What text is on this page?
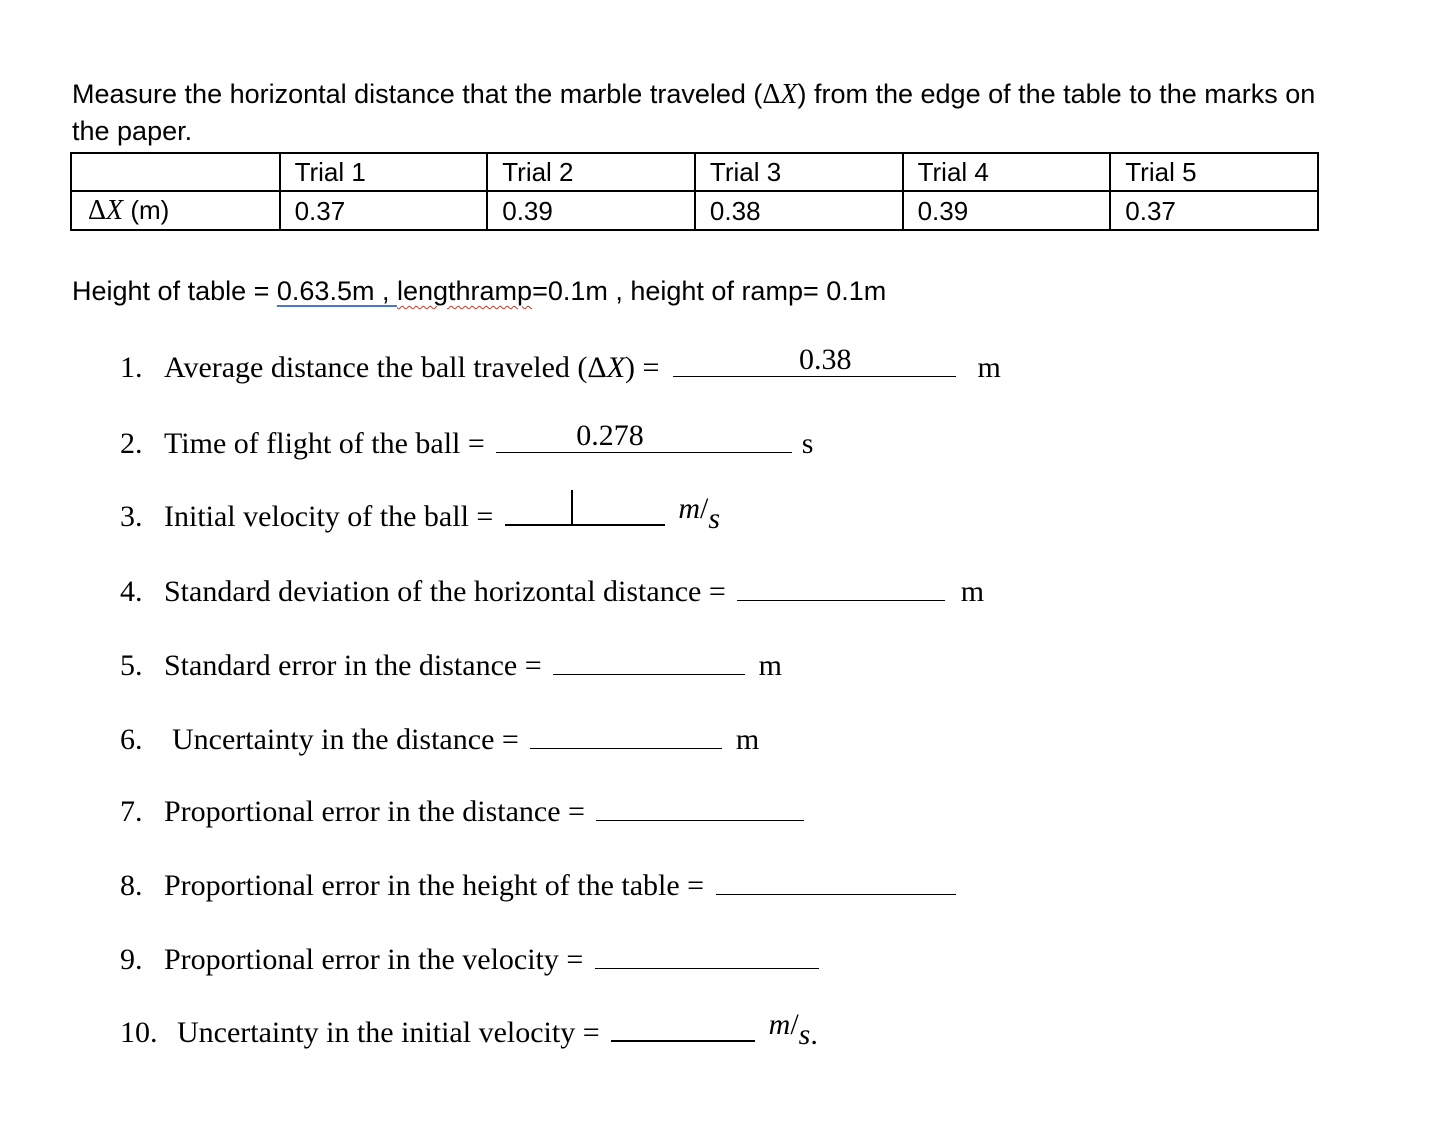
Measure the horizontal distance that the marble traveled (ΔX) from the edge of the table to the marks on the paper.
	Trial 1	Trial 2	Trial 3	Trial 4	Trial 5
ΔX (m)	0.37	0.39	0.38	0.39	0.37
Height of table = 0.63.5m , lengthramp=0.1m , height of ramp= 0.1m
1. Average distance the ball traveled (ΔX) =	0.38	m
2. Time of flight of the ball =	0.278	s
3. Initial velocity of the ball =	m/s
4. Standard deviation of the horizontal distance =	m
5. Standard error in the distance =	m
6. Uncertainty in the distance =	m
7. Proportional error in the distance =
8. Proportional error in the height of the table =
9. Proportional error in the velocity =
10. Uncertainty in the initial velocity =	m/s.
